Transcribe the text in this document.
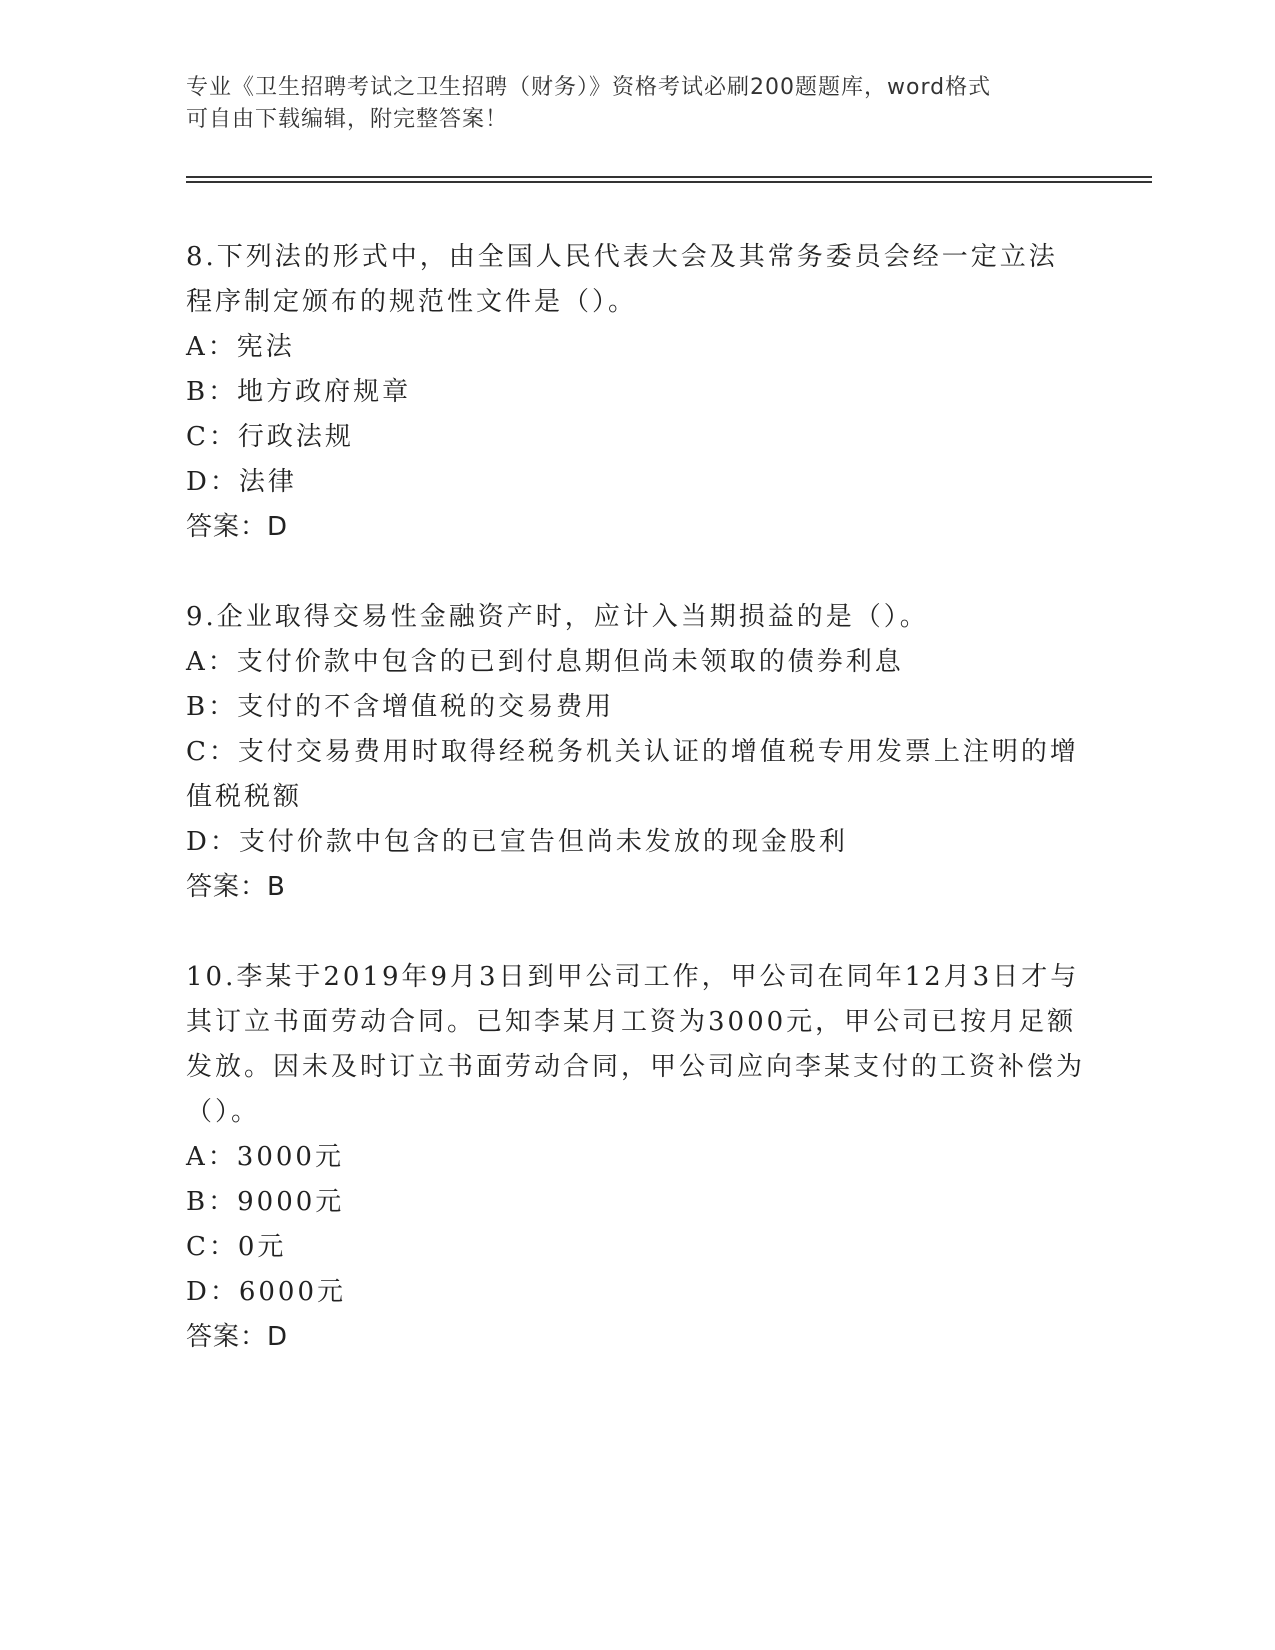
专业《卫生招聘考试之卫生招聘（财务）》资格考试必刷200题题库，word格式
可自由下载编辑，附完整答案！

8.下列法的形式中，由全国人民代表大会及其常务委员会经一定立法程序制定颁布的规范性文件是（）。

A：宪法

B：地方政府规章

C：行政法规

D：法律

答案：D

9.企业取得交易性金融资产时，应计入当期损益的是（）。

A：支付价款中包含的已到付息期但尚未领取的债券利息

B：支付的不含增值税的交易费用

C：支付交易费用时取得经税务机关认证的增值税专用发票上注明的增值税税额

D：支付价款中包含的已宣告但尚未发放的现金股利

答案：B

10.李某于2019年9月3日到甲公司工作，甲公司在同年12月3日才与其订立书面劳动合同。已知李某月工资为3000元，甲公司已按月足额发放。因未及时订立书面劳动合同，甲公司应向李某支付的工资补偿为（）。

A：3000元

B：9000元

C：0元

D：6000元

答案：D
